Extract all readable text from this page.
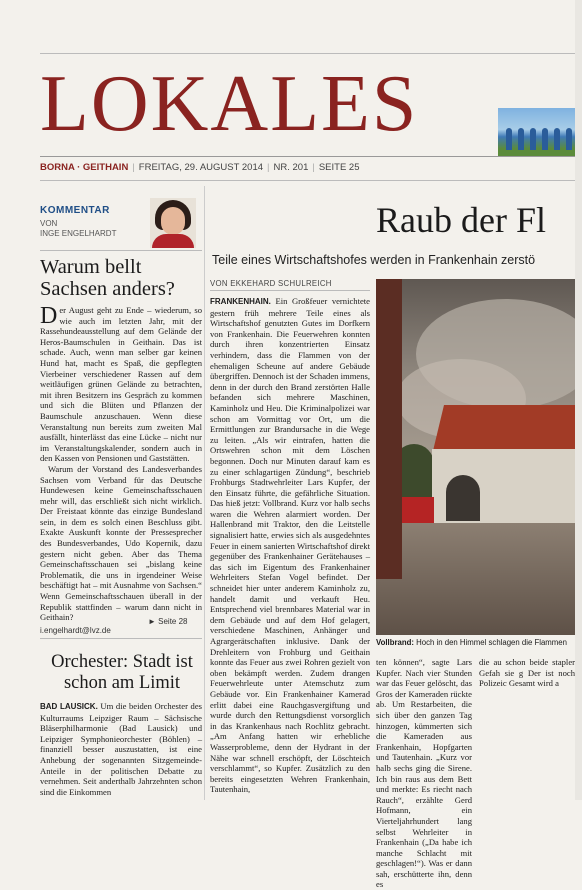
LOKALES
BORNA · GEITHAIN | FREITAG, 29. AUGUST 2014 | NR. 201 | SEITE 25
KOMMENTAR
VON
INGE ENGELHARDT
Warum bellt Sachsen anders?
Der August geht zu Ende – wiederum, so wie auch im letzten Jahr, mit der Rassehundeausstellung auf dem Gelände der Heros-Baumschulen in Geithain. Das ist schade. Auch, wenn man selber gar keinen Hund hat, macht es Spaß, die gepflegten Vierbeiner verschiedener Rassen auf dem weitläufigen grünen Gelände zu betrachten, mit ihren Besitzern ins Gespräch zu kommen und sich die Blüten und Pflanzen der Baumschule anzuschauen. Wenn diese Veranstaltung nun bereits zum zweiten Mal ausfällt, hinterlässt das eine Lücke – nicht nur im Veranstaltungskalender, sondern auch in den Kassen von Pensionen und Gaststätten.
Warum der Vorstand des Landesverbandes Sachsen vom Verband für das Deutsche Hundewesen keine Gemeinschaftsschauen mehr will, das erschließt sich nicht wirklich. Der Freistaat könnte das einzige Bundesland sein, in dem es solch einen Beschluss gibt. Exakte Auskunft konnte der Pressesprecher des Bundesverbandes, Udo Kopernik, dazu gestern nicht geben. Aber das Thema Gemeinschaftsschauen sei „bislang keine Problematik, die uns in irgendeiner Weise beschäftigt hat – mit Ausnahme von Sachsen.“ Wenn Gemeinschaftsschauen überall in der Republik stattfinden – warum dann nicht in Geithain?
i.engelhardt@lvz.de
► Seite 28
Orchester: Stadt ist schon am Limit
BAD LAUSICK. Um die beiden Orchester des Kulturraums Leipziger Raum – Sächsische Bläserphilharmonie (Bad Lausick) und Leipziger Symphonieorchester (Böhlen) – finanziell besser auszustatten, ist eine Anhebung der sogenannten Sitzgemeinde-Anteile in der politischen Debatte zu vernehmen. Seit anderthalb Jahrzehnten schon sind die Einkommen
Raub der Fl
Teile eines Wirtschaftshofes werden in Frankenhain zerstö
VON EKKEHARD SCHULREICH
FRANKENHAIN. Ein Großfeuer vernichtete gestern früh mehrere Teile eines als Wirtschaftshof genutzten Gutes im Dorfkern von Frankenhain. Die Feuerwehren konnten durch ihren konzentrierten Einsatz verhindern, dass die Flammen von der ehemaligen Scheune auf andere Gebäude übergriffen. Dennoch ist der Schaden immens, denn in der durch den Brand zerstörten Halle befanden sich mehrere Maschinen, Kaminholz und Heu. Die Kriminalpolizei war schon am Vormittag vor Ort, um die Ermittlungen zur Brandursache in die Wege zu leiten. „Als wir eintrafen, hatten die Ortswehren schon mit dem Löschen begonnen. Doch nur Minuten darauf kam es zu einer schlagartigen Zündung“, beschrieb Frohburgs Stadtwehrleiter Lars Kupfer, der den Einsatz führte, die gefährliche Situation. Das hieß jetzt: Vollbrand. Kurz vor halb sechs waren die Wehren alarmiert worden. Der Hallenbrand mit Traktor, den die Leitstelle signalisiert hatte, erwies sich als ausgedehntes Feuer in einem sanierten Wirtschaftshof direkt gegenüber des Frankenhainer Gerätehauses – das sich im Eigentum des Frankenhainer Wehrleiters Stefan Vogel befindet. Der schneidet hier unter anderem Kaminholz zu, handelt damit und verkauft Heu. Entsprechend viel brennbares Material war in dem Gebäude und auf dem Hof gelagert, verschiedene Maschinen, Anhänger und Agrargerätschaften inklusive. Dank der Drehleitern von Frohburg und Geithain konnte das Feuer aus zwei Rohren gezielt von oben bekämpft werden. Zudem drangen Feuerwehrleute unter Atemschutz zum Gebäude vor. Ein Frankenhainer Kamerad erlitt dabei eine Rauchgasvergiftung und wurde durch den Rettungsdienst vorsorglich in das Krankenhaus nach Rochlitz gebracht. „Am Anfang hatten wir erhebliche Wasserprobleme, denn der Hydrant in der Nähe war schnell erschöpft, der Löschteich verschlammt“, so Kupfer. Zusätzlich zu den bereits eingesetzten Wehren Frankenhain, Tautenhain,
Vollbrand: Hoch in den Himmel schlagen die Flammen
ten können“, sagte Lars Kupfer. Nach vier Stunden war das Feuer gelöscht, das Gros der Kameraden rückte ab. Um Restarbeiten, die sich über den ganzen Tag hinzogen, kümmerten sich die Kameraden aus Frankenhain, Hopfgarten und Tautenhain. „Kurz vor halb sechs ging die Sirene. Ich bin raus aus dem Bett und merkte: Es riecht nach Rauch“, erzählte Gerd Hofmann, ein Vierteljahrhundert lang selbst Wehrleiter in Frankenhain („Da habe ich manche Schlacht mit geschlagen!“). Was er dann sah, erschütterte ihn, denn es
die au schon beide stapler Gefah sie g Der ist noch Polizeic Gesamt wird a
